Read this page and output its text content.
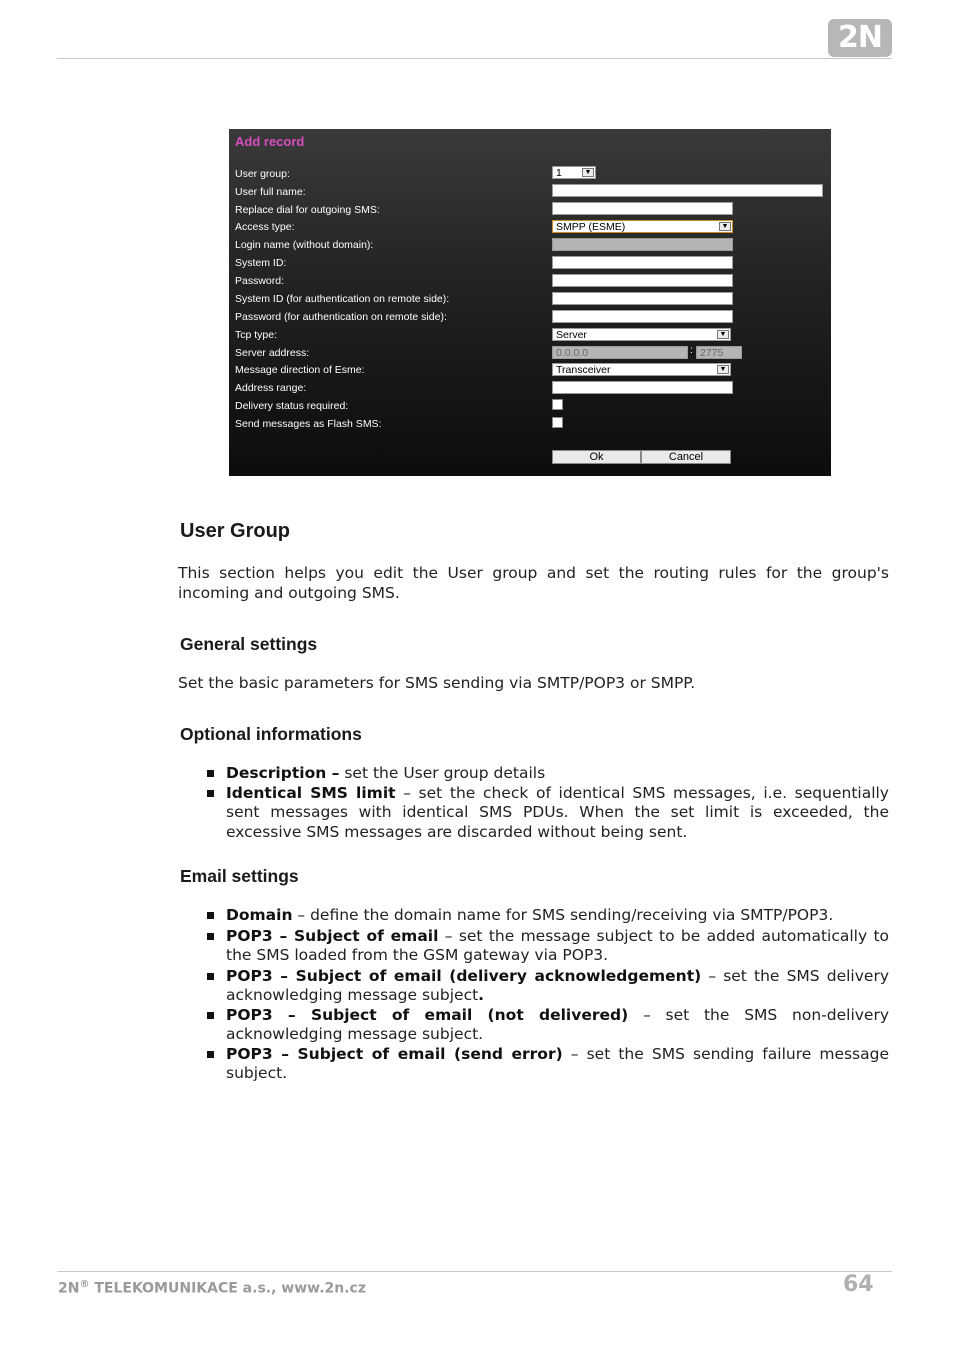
2N
Add record
User group:	1	▼
User full name:
Replace dial for outgoing SMS:
Access type:	SMPP (ESME)	▼
Login name (without domain):
System ID:
Password:
System ID (for authentication on remote side):
Password (for authentication on remote side):
Tcp type:	Server	▼
Server address:	0.0.0.0	: 2775
Message direction of Esme:	Transceiver	▼
Address range:
Delivery status required:
Send messages as Flash SMS:
Ok	Cancel
User Group

This section helps you edit the User group and set the routing rules for the group's incoming and outgoing SMS.

General settings

Set the basic parameters for SMS sending via SMTP/POP3 or SMPP.

Optional informations
Description – set the User group details
Identical SMS limit – set the check of identical SMS messages, i.e. sequentially sent messages with identical SMS PDUs. When the set limit is exceeded, the excessive SMS messages are discarded without being sent.
Email settings
Domain – define the domain name for SMS sending/receiving via SMTP/POP3.
POP3 – Subject of email – set the message subject to be added automatically to the SMS loaded from the GSM gateway via POP3.
POP3 – Subject of email (delivery acknowledgement) – set the SMS delivery acknowledging message subject.
POP3 – Subject of email (not delivered) – set the SMS non-delivery acknowledging message subject.
POP3 – Subject of email (send error) – set the SMS sending failure message subject.
2N® TELEKOMUNIKACE a.s., www.2n.cz	64
